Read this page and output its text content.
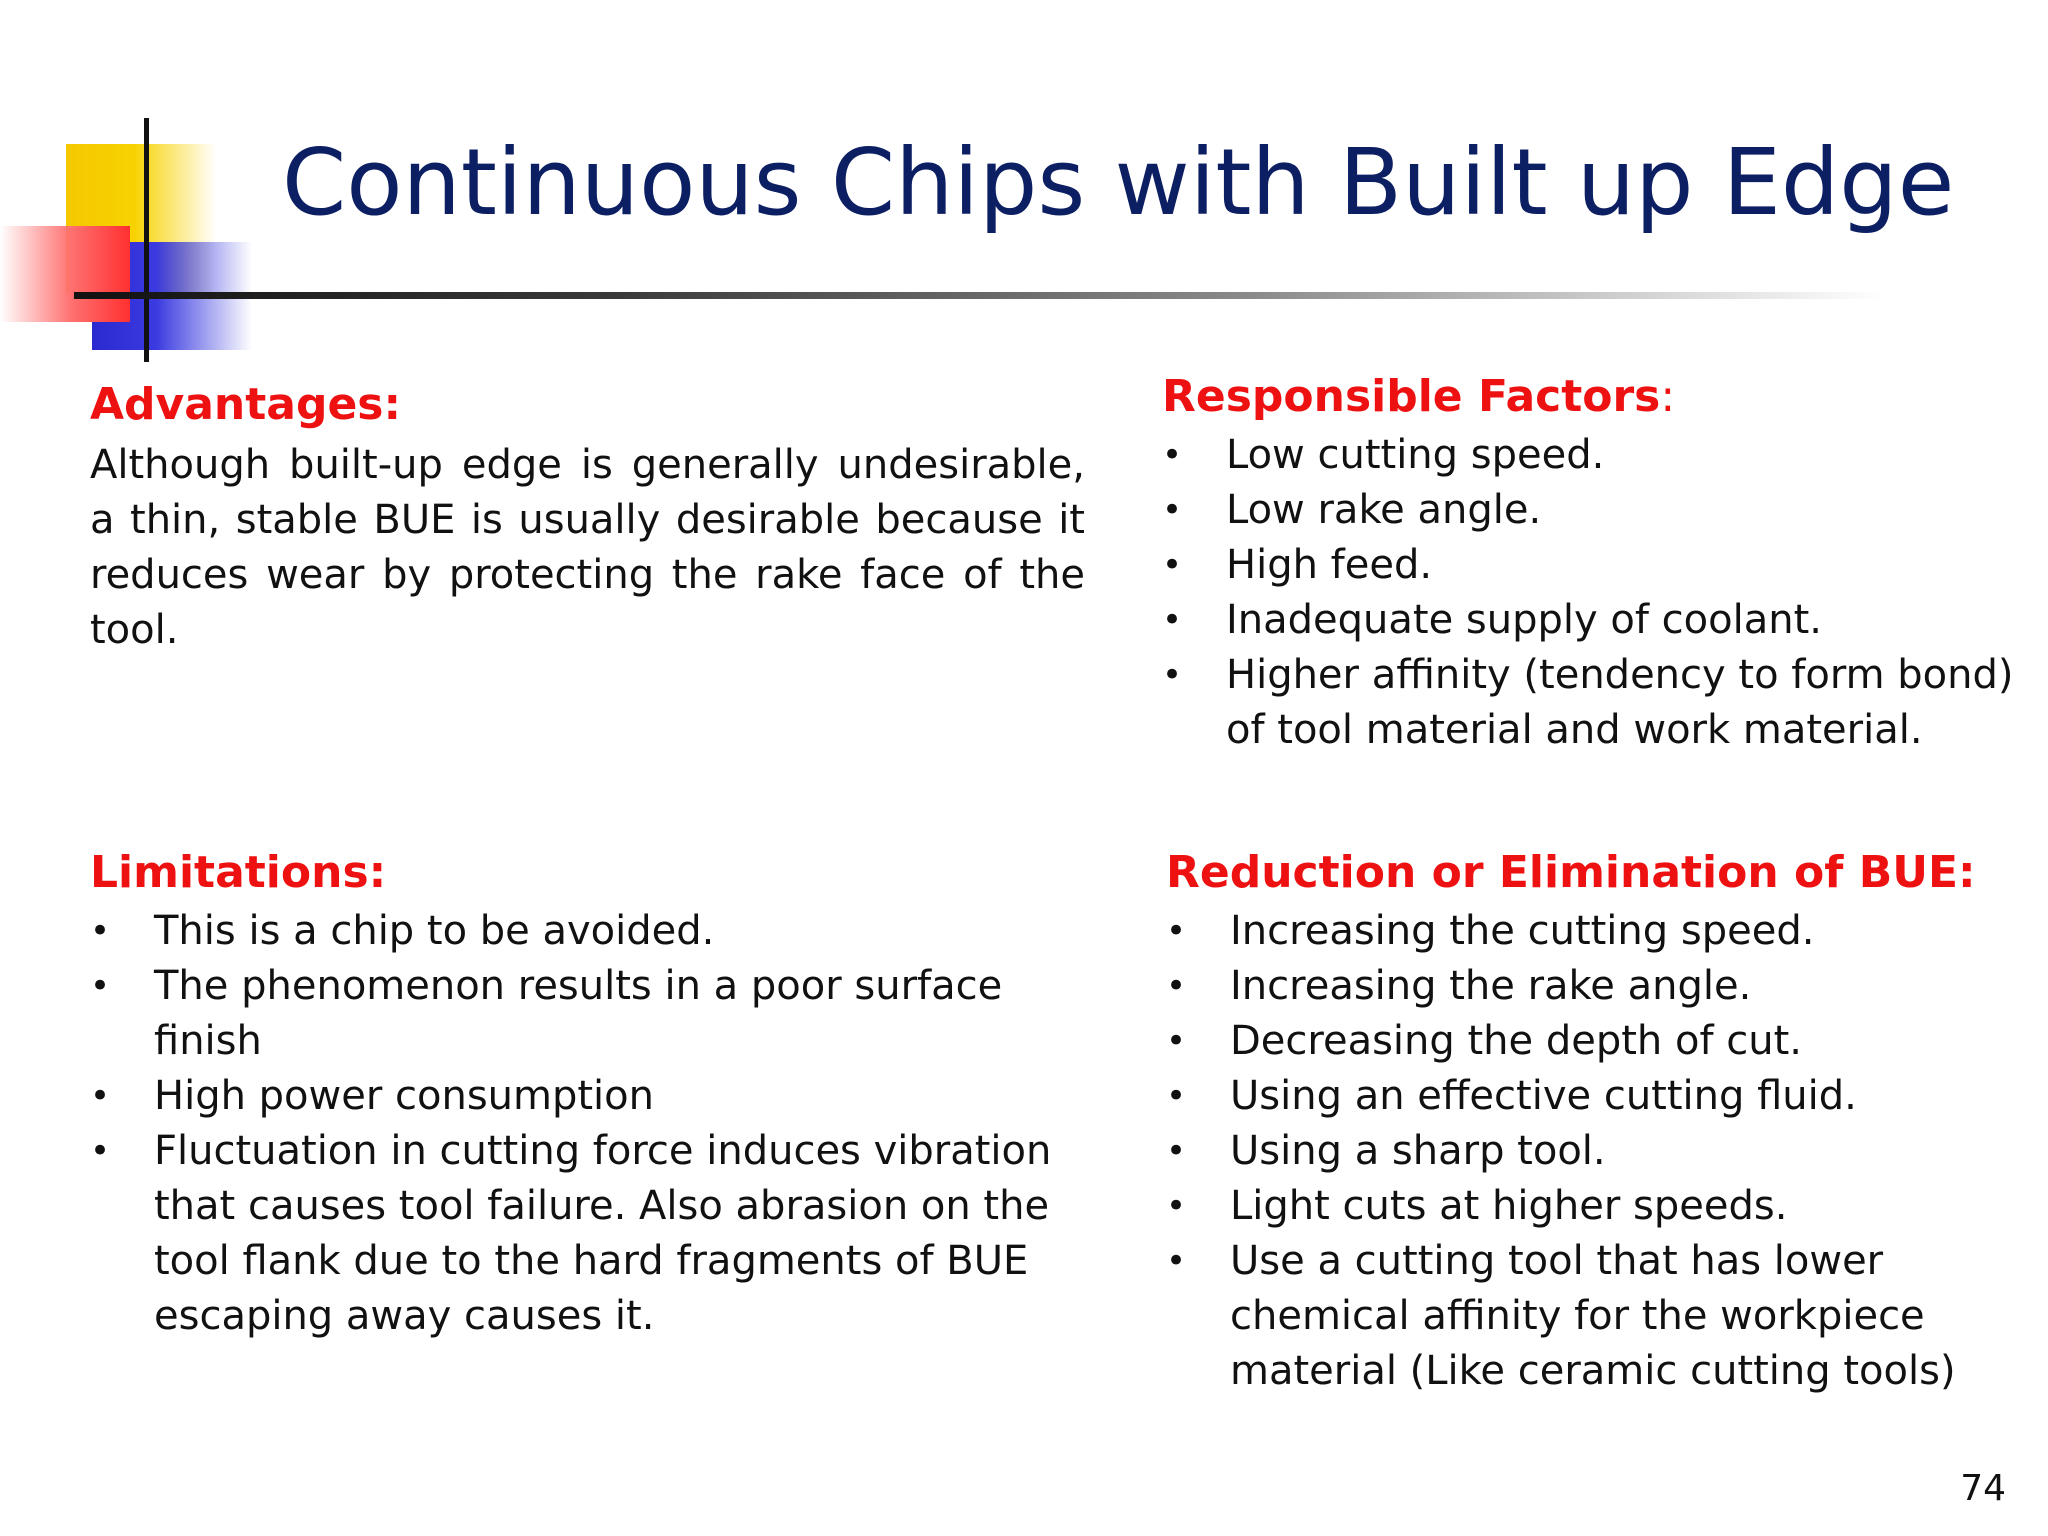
Continuous Chips with Built up Edge
Advantages:

Although built-up edge is generally undesirable, a thin, stable BUE is usually desirable because it reduces wear by protecting the rake face of the tool.

Limitations:
•	This is a chip to be avoided.
•	The phenomenon results in a poor surface finish
•	High power consumption
•	Fluctuation in cutting force induces vibration that causes tool failure. Also abrasion on the tool flank due to the hard fragments of BUE escaping away causes it.
Responsible Factors:
•	Low cutting speed.
•	Low rake angle.
•	High feed.
•	Inadequate supply of coolant.
•	Higher affinity (tendency to form bond) of tool material and work material.
Reduction or Elimination of BUE:
•	Increasing the cutting speed.
•	Increasing the rake angle.
•	Decreasing the depth of cut.
•	Using an effective cutting fluid.
•	Using a sharp tool.
•	Light cuts at higher speeds.
•	Use a cutting tool that has lower chemical affinity for the workpiece material (Like ceramic cutting tools)
74
